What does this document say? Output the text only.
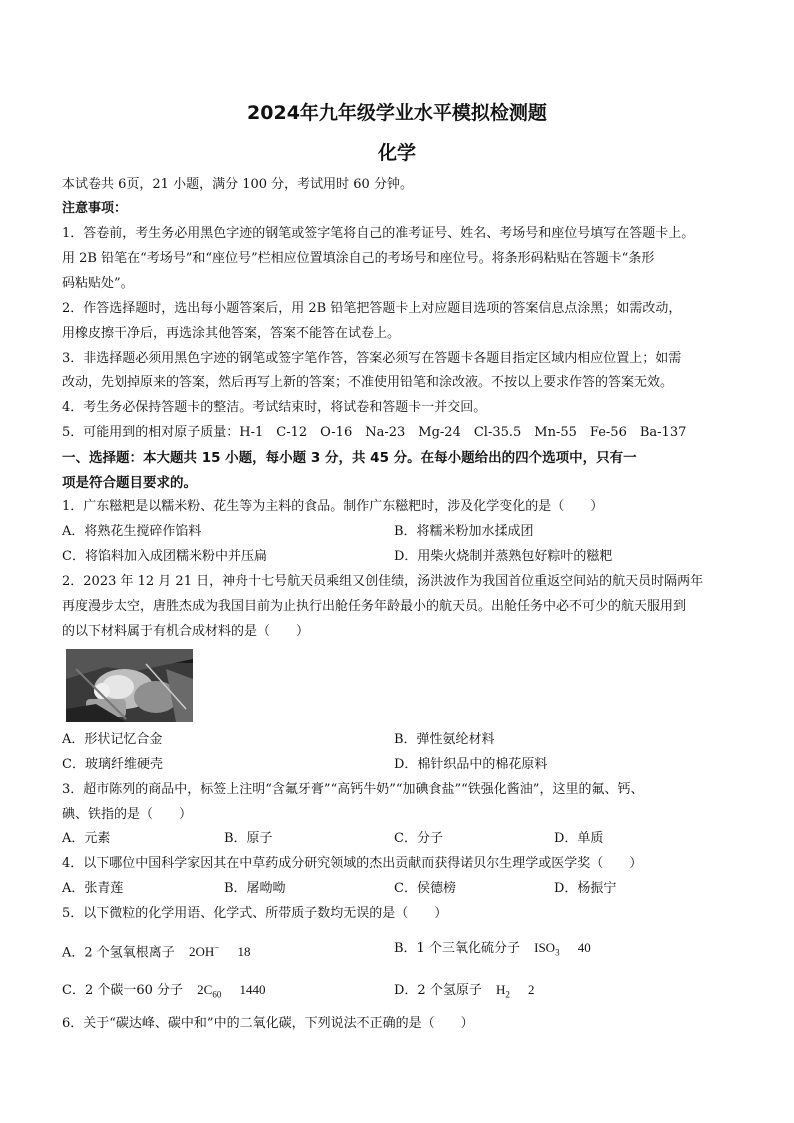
2024年九年级学业水平模拟检测题
化学
本试卷共 6页，21 小题，满分 100 分，考试用时 60 分钟。
注意事项：
1．答卷前，考生务必用黑色字迹的钢笔或签字笔将自己的准考证号、姓名、考场号和座位号填写在答题卡上。
用 2B 铅笔在“考场号”和“座位号”栏相应位置填涂自己的考场号和座位号。将条形码粘贴在答题卡“条形
码粘贴处”。
2．作答选择题时，选出每小题答案后，用 2B 铅笔把答题卡上对应题目选项的答案信息点涂黑；如需改动，
用橡皮擦干净后，再选涂其他答案，答案不能答在试卷上。
3．非选择题必须用黑色字迹的钢笔或签字笔作答，答案必须写在答题卡各题目指定区域内相应位置上；如需
改动，先划掉原来的答案，然后再写上新的答案；不准使用铅笔和涂改液。不按以上要求作答的答案无效。
4．考生务必保持答题卡的整洁。考试结束时，将试卷和答题卡一并交回。
5．可能用到的相对原子质量：H-1　C-12　O-16　Na-23　Mg-24　Cl-35.5　Mn-55　Fe-56　Ba-137
一、选择题：本大题共 15 小题，每小题 3 分，共 45 分。在每小题给出的四个选项中，只有一
项是符合题目要求的。
1．广东糍粑是以糯米粉、花生等为主料的食品。制作广东糍粑时，涉及化学变化的是（　　）
A．将熟花生搅碎作馅料	B．将糯米粉加水揉成团
C．将馅料加入成团糯米粉中并压扁	D．用柴火烧制并蒸熟包好粽叶的糍粑
2．2023 年 12 月 21 日，神舟十七号航天员乘组又创佳绩，汤洪波作为我国首位重返空间站的航天员时隔两年
再度漫步太空，唐胜杰成为我国目前为止执行出舱任务年龄最小的航天员。出舱任务中必不可少的航天服用到
的以下材料属于有机合成材料的是（　　）
A．形状记忆合金	B．弹性氨纶材料
C．玻璃纤维硬壳	D．棉针织品中的棉花原料
3．超市陈列的商品中，标签上注明“含氟牙膏”“高钙牛奶”“加碘食盐”“铁强化酱油”，这里的氟、钙、
碘、铁指的是（　　）
A．元素	B．原子	C．分子	D．单质
4．以下哪位中国科学家因其在中草药成分研究领域的杰出贡献而获得诺贝尔生理学或医学奖（　　）
A．张青莲	B．屠呦呦	C．侯德榜	D．杨振宁
5．以下微粒的化学用语、化学式、所带质子数均无误的是（　　）
A．2 个氢氧根离子 2OH− 18	B．1 个三氧化硫分子 $ISO_3$ 40
C．2 个碳一60 分子 $2C_{60}$ 1440	D．2 个氢原子 $H_2$ 2
6．关于“碳达峰、碳中和”中的二氧化碳，下列说法不正确的是（　　）
